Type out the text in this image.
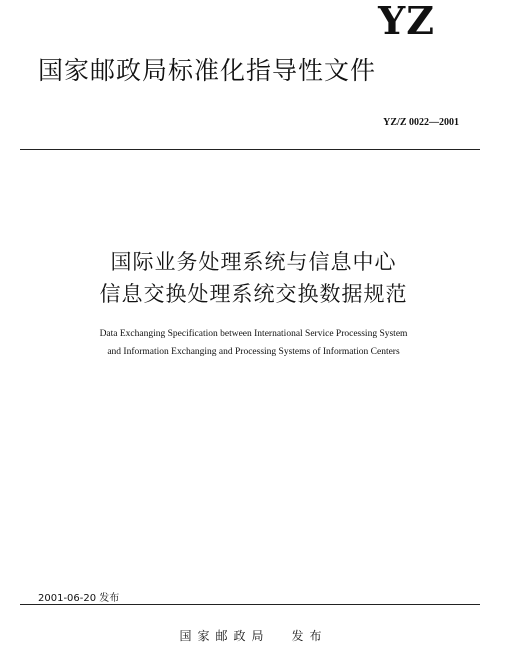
YZ
国家邮政局标准化指导性文件
YZ/Z 0022—2001
国际业务处理系统与信息中心
信息交换处理系统交换数据规范
Data Exchanging Specification between International Service Processing System
and Information Exchanging and Processing Systems of Information Centers
2001-06-20 发布
国家邮政局 发布
